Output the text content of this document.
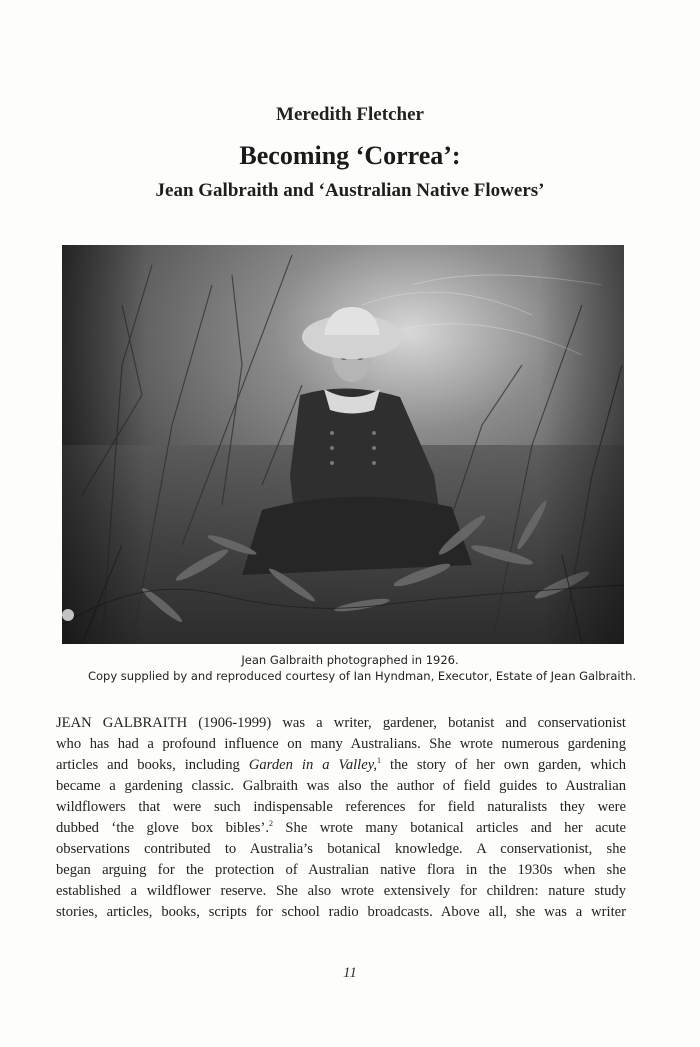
Meredith Fletcher
Becoming ‘Correa’:
Jean Galbraith and ‘Australian Native Flowers’
Jean Galbraith photographed in 1926.
Copy supplied by and reproduced courtesy of Ian Hyndman, Executor, Estate of Jean Galbraith.
JEAN GALBRAITH (1906-1999) was a writer, gardener, botanist and conservationist
who has had a profound influence on many Australians. She wrote numerous gardening
articles and books, including Garden in a Valley,$^1$ the story of her own garden, which
became a gardening classic. Galbraith was also the author of field guides to Australian
wildflowers that were such indispensable references for field naturalists they were
dubbed ‘the glove box bibles’.$^2$ She wrote many botanical articles and her acute
observations contributed to Australia’s botanical knowledge. A conservationist, she
began arguing for the protection of Australian native flora in the 1930s when she
established a wildflower reserve. She also wrote extensively for children: nature study
stories, articles, books, scripts for school radio broadcasts. Above all, she was a writer
11
